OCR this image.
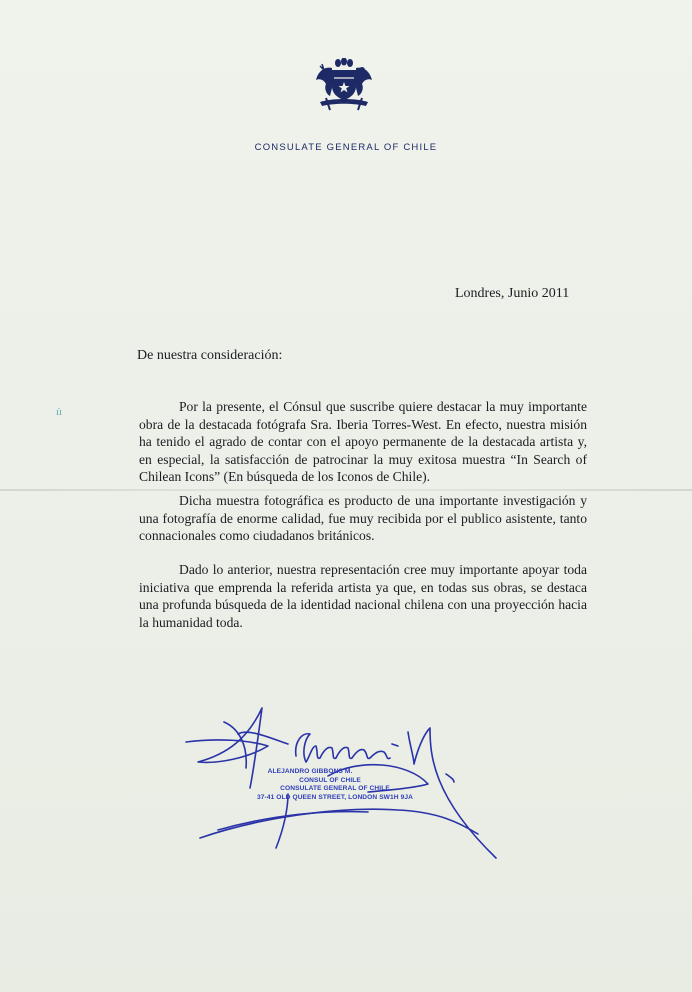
CONSULATE GENERAL OF CHILE
Londres, Junio 2011
De nuestra consideración:

Por la presente, el Cónsul que suscribe quiere destacar la muy importante obra de la destacada fotógrafa Sra. Iberia Torres-West. En efecto, nuestra misión ha tenido el agrado de contar con el apoyo permanente de la destacada artista y, en especial, la satisfacción de patrocinar la muy exitosa muestra “In Search of Chilean Icons” (En búsqueda de los Iconos de Chile).

Dicha muestra fotográfica es producto de una importante investigación y una fotografía de enorme calidad, fue muy recibida por el publico asistente, tanto connacionales como ciudadanos británicos.

Dado lo anterior, nuestra representación cree muy importante apoyar toda iniciativa que emprenda la referida artista ya que, en todas sus obras, se destaca una profunda búsqueda de la identidad nacional chilena con una proyección hacia la humanidad toda.

ı̇ı
ALEJANDRO GIBBONS M.
CONSUL OF CHILE
CONSULATE GENERAL OF CHILE
37-41 OLD QUEEN STREET, LONDON SW1H 9JA
